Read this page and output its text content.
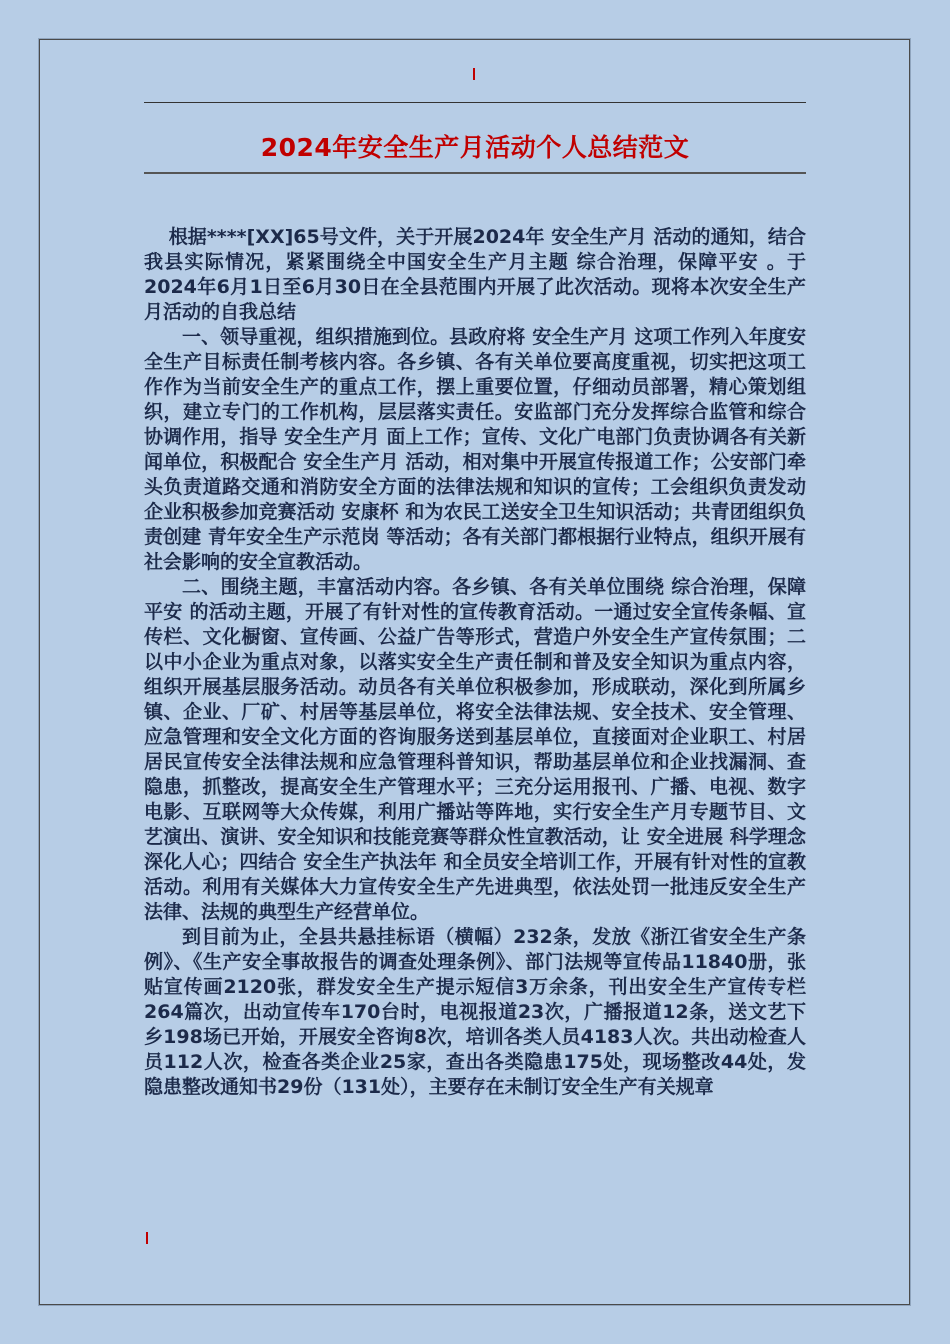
2024年安全生产月活动个人总结范文

根据****[XX]65号文件，关于开展2024年 安全生产月 活动的通知，结合我县实际情况，紧紧围绕全中国安全生产月主题 综合治理，保障平安 。于2024年6月1日至6月30日在全县范围内开展了此次活动。现将本次安全生产月活动的自我总结

一、领导重视，组织措施到位。县政府将 安全生产月 这项工作列入年度安全生产目标责任制考核内容。各乡镇、各有关单位要高度重视，切实把这项工作作为当前安全生产的重点工作，摆上重要位置，仔细动员部署，精心策划组织，建立专门的工作机构，层层落实责任。安监部门充分发挥综合监管和综合协调作用，指导 安全生产月 面上工作；宣传、文化广电部门负责协调各有关新闻单位，积极配合 安全生产月 活动，相对集中开展宣传报道工作；公安部门牵头负责道路交通和消防安全方面的法律法规和知识的宣传；工会组织负责发动企业积极参加竞赛活动 安康杯 和为农民工送安全卫生知识活动；共青团组织负责创建 青年安全生产示范岗 等活动；各有关部门都根据行业特点，组织开展有社会影响的安全宣教活动。

二、围绕主题，丰富活动内容。各乡镇、各有关单位围绕 综合治理，保障平安 的活动主题，开展了有针对性的宣传教育活动。一通过安全宣传条幅、宣传栏、文化橱窗、宣传画、公益广告等形式，营造户外安全生产宣传氛围；二以中小企业为重点对象，以落实安全生产责任制和普及安全知识为重点内容，组织开展基层服务活动。动员各有关单位积极参加，形成联动，深化到所属乡镇、企业、厂矿、村居等基层单位，将安全法律法规、安全技术、安全管理、应急管理和安全文化方面的咨询服务送到基层单位，直接面对企业职工、村居居民宣传安全法律法规和应急管理科普知识，帮助基层单位和企业找漏洞、查隐患，抓整改，提高安全生产管理水平；三充分运用报刊、广播、电视、数字电影、互联网等大众传媒，利用广播站等阵地，实行安全生产月专题节目、文艺演出、演讲、安全知识和技能竞赛等群众性宣教活动，让 安全进展 科学理念深化人心；四结合 安全生产执法年 和全员安全培训工作，开展有针对性的宣教活动。利用有关媒体大力宣传安全生产先进典型，依法处罚一批违反安全生产法律、法规的典型生产经营单位。

到目前为止，全县共悬挂标语（横幅）232条，发放《浙江省安全生产条例》、《生产安全事故报告的调查处理条例》、部门法规等宣传品11840册，张贴宣传画2120张，群发安全生产提示短信3万余条，刊出安全生产宣传专栏264篇次，出动宣传车170台时，电视报道23次，广播报道12条，送文艺下乡198场已开始，开展安全咨询8次，培训各类人员4183人次。共出动检查人员112人次，检查各类企业25家，查出各类隐患175处，现场整改44处，发隐患整改通知书29份（131处），主要存在未制订安全生产有关规章
